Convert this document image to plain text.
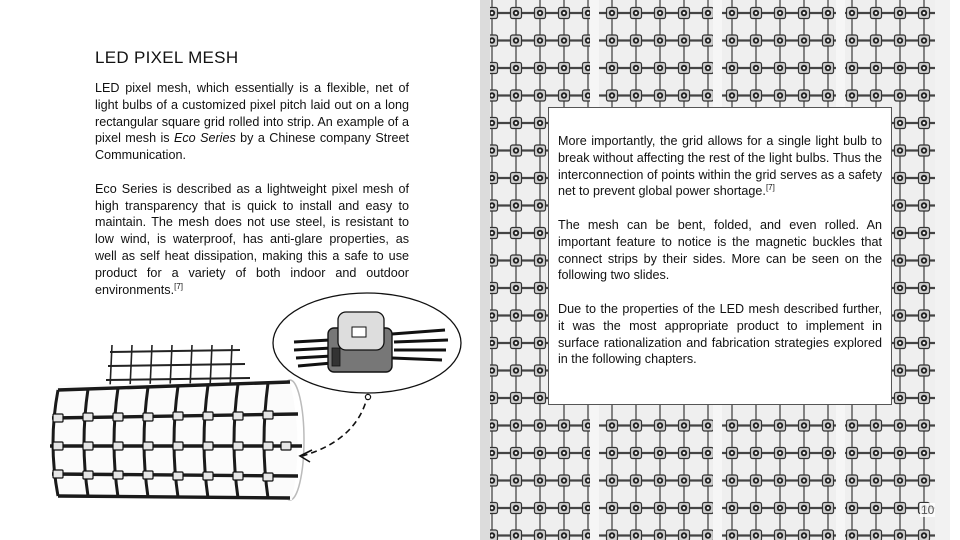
LED PIXEL MESH

LED pixel mesh, which essentially is a flexible, net of light bulbs of a customized pixel pitch laid out on a long rectangular square grid rolled into strip. An example of a pixel mesh is Eco Series by a Chinese company Street Communication.

Eco Series is described as a lightweight pixel mesh of high transparency that is quick to install and easy to maintain. The mesh does not use steel, is resistant to low wind, is waterproof, has anti-glare properties, as well as self heat dissipation, making this a safe to use product for a variety of both indoor and outdoor environments.[7]

More importantly, the grid allows for a single light bulb to break without affecting the rest of the light bulbs. Thus the interconnection of points within the grid serves as a safety net to prevent global power shortage.[7]

The mesh can be bent, folded, and even rolled. An important feature to notice is the magnetic buckles that connect strips by their sides. More can be seen on the following two slides.

Due to the properties of the LED mesh described further, it was the most appropriate product to implement in surface rationalization and fabrication strategies explored in the following chapters.

10
